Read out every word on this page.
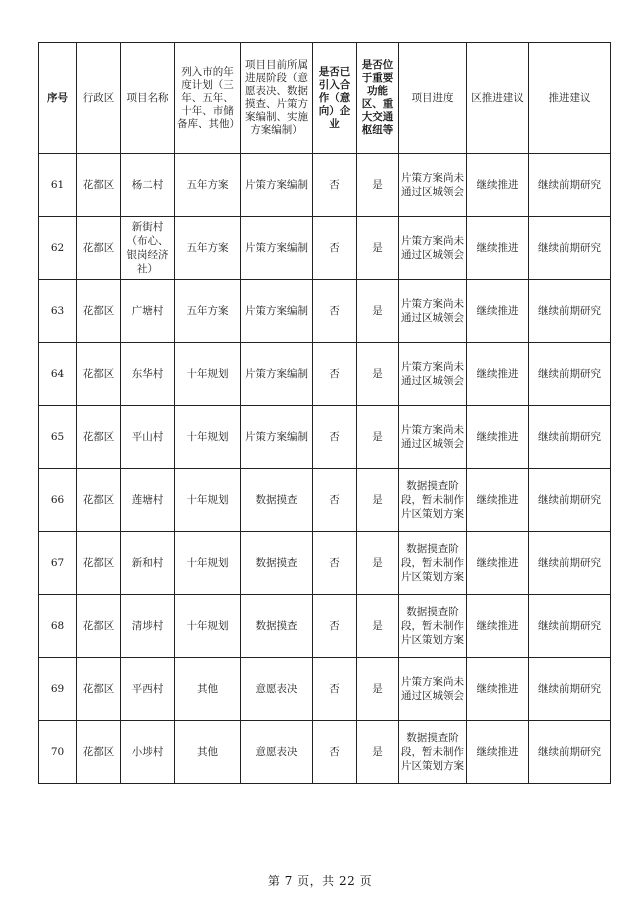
序号	行政区	项目名称	列入市的年度计划（三年、五年、十年、市储备库、其他）	项目目前所属进展阶段（意愿表决、数据摸查、片策方案编制、实施方案编制）	是否已引入合作（意向）企业	是否位于重要功能区、重大交通枢纽等	项目进度	区推进建议	推进建议
61	花都区	杨二村	五年方案	片策方案编制	否	是	片策方案尚未通过区城领会	继续推进	继续前期研究
62	花都区	新街村（布心、银岗经济社）	五年方案	片策方案编制	否	是	片策方案尚未通过区城领会	继续推进	继续前期研究
63	花都区	广塘村	五年方案	片策方案编制	否	是	片策方案尚未通过区城领会	继续推进	继续前期研究
64	花都区	东华村	十年规划	片策方案编制	否	是	片策方案尚未通过区城领会	继续推进	继续前期研究
65	花都区	平山村	十年规划	片策方案编制	否	是	片策方案尚未通过区城领会	继续推进	继续前期研究
66	花都区	莲塘村	十年规划	数据摸查	否	是	数据摸查阶段，暂未制作片区策划方案	继续推进	继续前期研究
67	花都区	新和村	十年规划	数据摸查	否	是	数据摸查阶段，暂未制作片区策划方案	继续推进	继续前期研究
68	花都区	清埗村	十年规划	数据摸查	否	是	数据摸查阶段，暂未制作片区策划方案	继续推进	继续前期研究
69	花都区	平西村	其他	意愿表决	否	是	片策方案尚未通过区城领会	继续推进	继续前期研究
70	花都区	小埗村	其他	意愿表决	否	是	数据摸查阶段，暂未制作片区策划方案	继续推进	继续前期研究
第 7 页，共 22 页
